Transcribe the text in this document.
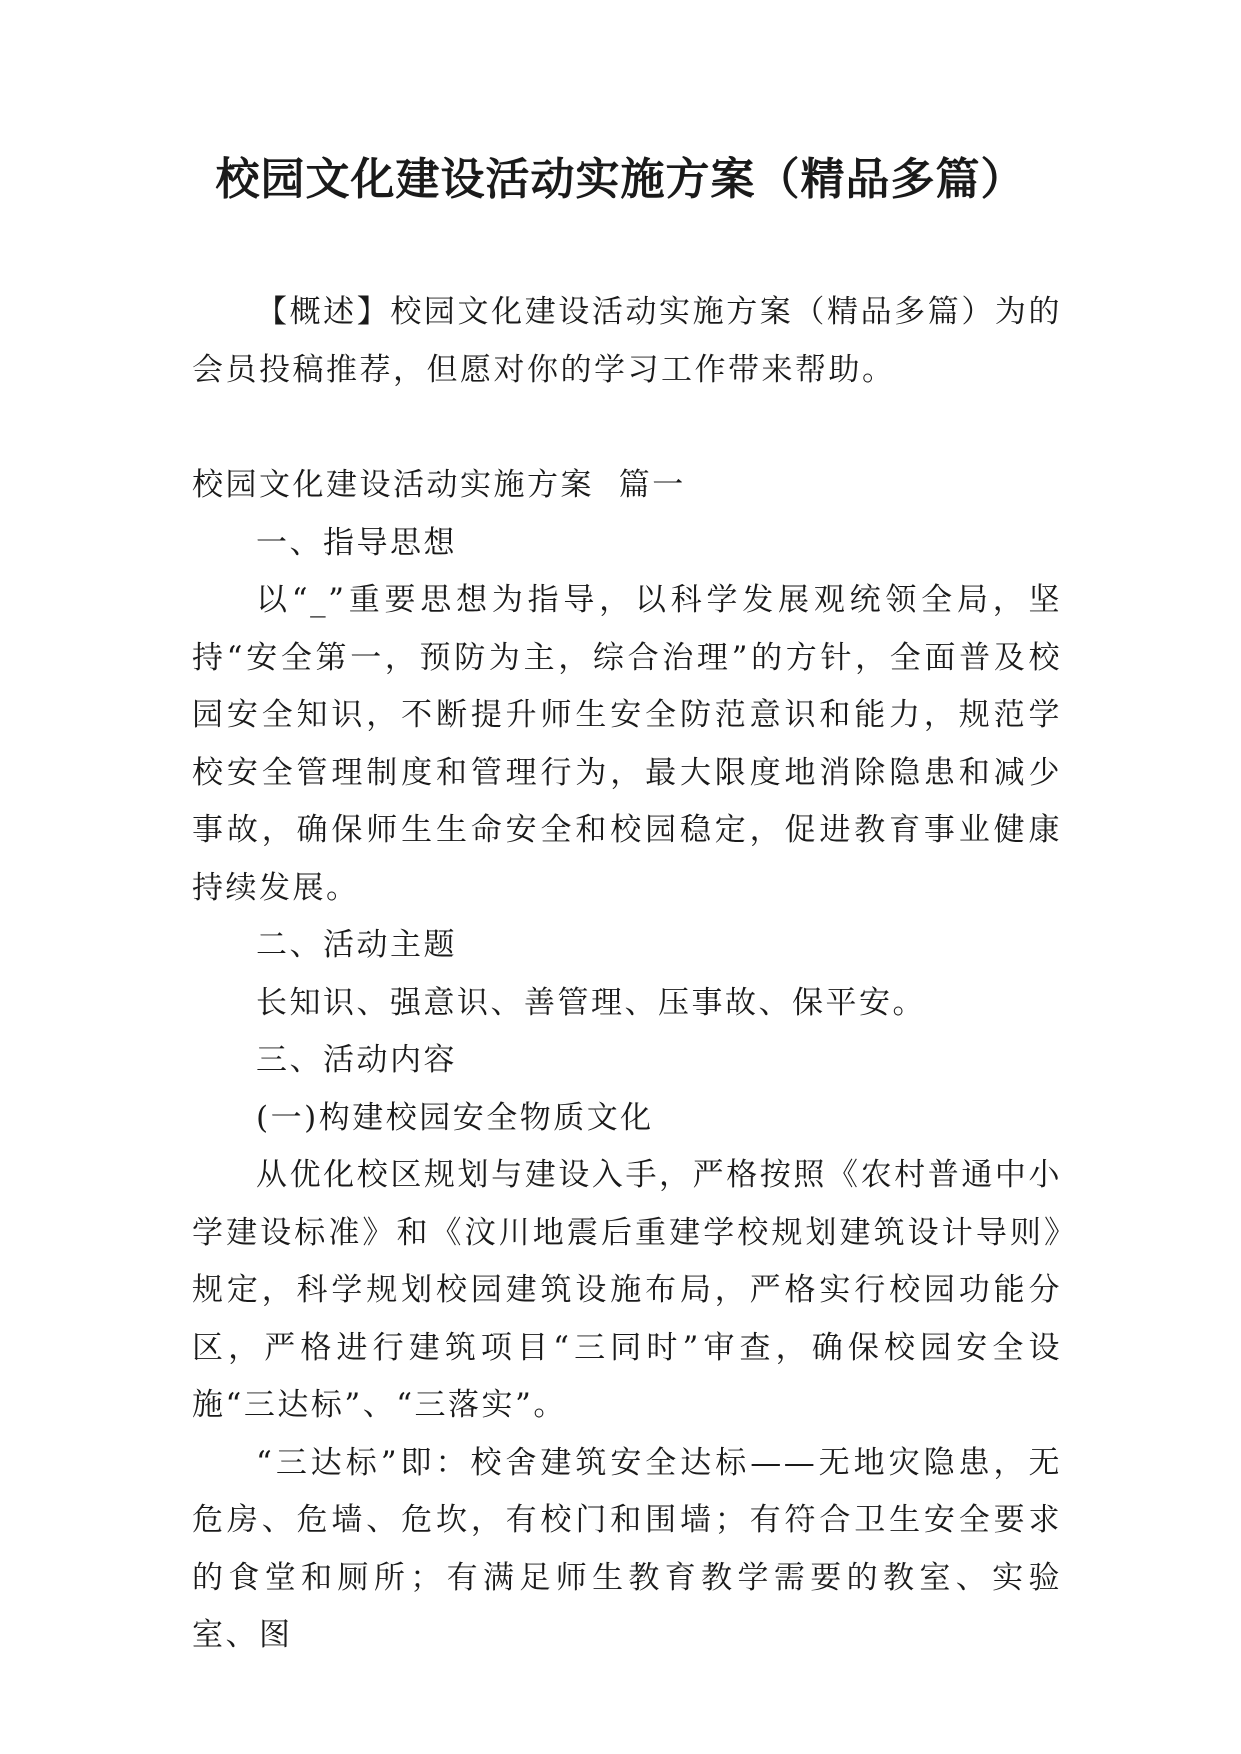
校园文化建设活动实施方案（精品多篇）

【概述】校园文化建设活动实施方案（精品多篇）为的会员投稿推荐，但愿对你的学习工作带来帮助。

校园文化建设活动实施方案  篇一

一、指导思想

以“_”重要思想为指导，以科学发展观统领全局，坚持“安全第一，预防为主，综合治理”的方针，全面普及校园安全知识，不断提升师生安全防范意识和能力，规范学校安全管理制度和管理行为，最大限度地消除隐患和减少事故，确保师生生命安全和校园稳定，促进教育事业健康持续发展。

二、活动主题

长知识、强意识、善管理、压事故、保平安。

三、活动内容

(一)构建校园安全物质文化

从优化校区规划与建设入手，严格按照《农村普通中小学建设标准》和《汶川地震后重建学校规划建筑设计导则》规定，科学规划校园建筑设施布局，严格实行校园功能分区，严格进行建筑项目“三同时”审查，确保校园安全设施“三达标”、“三落实”。

“三达标”即：校舍建筑安全达标——无地灾隐患，无危房、危墙、危坎，有校门和围墙；有符合卫生安全要求的食堂和厕所；有满足师生教育教学需要的教室、实验室、图
